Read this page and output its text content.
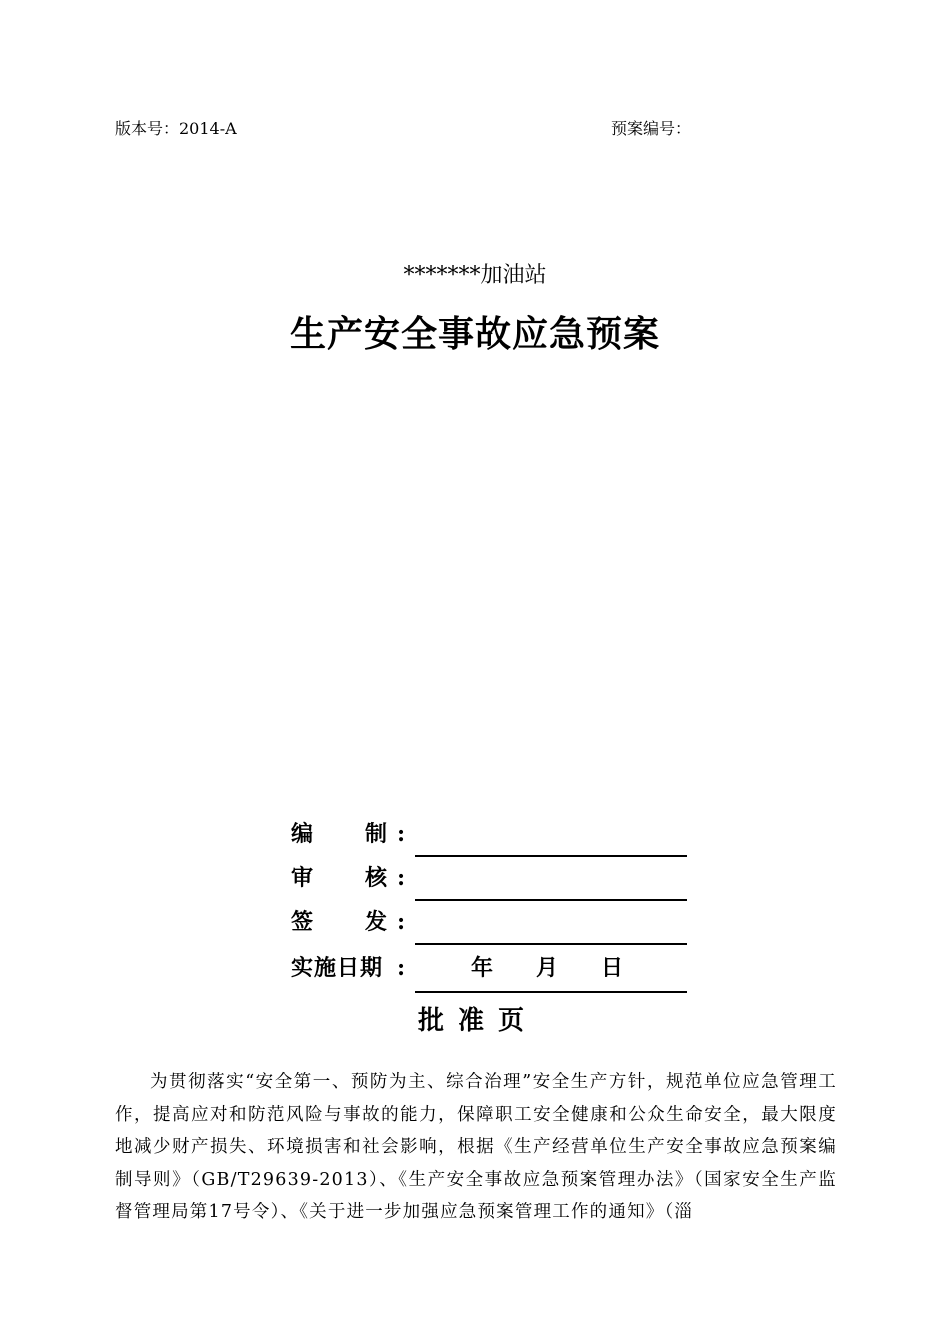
版本号：2014-A	预案编号：
*******加油站
生产安全事故应急预案
编　制 :
审　核 :
签　发 :
实施日期 :	年 月 日
批准页

为贯彻落实“安全第一、预防为主、综合治理”安全生产方针，规范单位应急管理工作，提高应对和防范风险与事故的能力，保障职工安全健康和公众生命安全，最大限度地减少财产损失、环境损害和社会影响，根据《生产经营单位生产安全事故应急预案编制导则》（GB/T29639-2013）、《生产安全事故应急预案管理办法》（国家安全生产监督管理局第17号令）、《关于进一步加强应急预案管理工作的通知》（淄
